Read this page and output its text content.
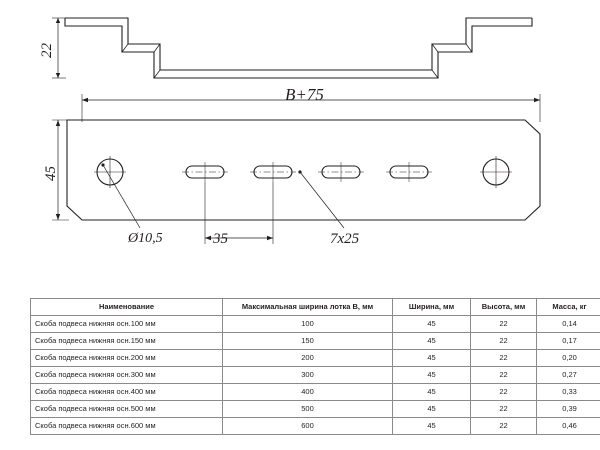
22
45
B+75
Ø10,5	35	7x25
Наименование	Максимальная ширина лотка B, мм	Ширина, мм	Высота, мм	Масса, кг
Скоба подвеса нижняя осн.100 мм	100	45	22	0,14
Скоба подвеса нижняя осн.150 мм	150	45	22	0,17
Скоба подвеса нижняя осн.200 мм	200	45	22	0,20
Скоба подвеса нижняя осн.300 мм	300	45	22	0,27
Скоба подвеса нижняя осн.400 мм	400	45	22	0,33
Скоба подвеса нижняя осн.500 мм	500	45	22	0,39
Скоба подвеса нижняя осн.600 мм	600	45	22	0,46
